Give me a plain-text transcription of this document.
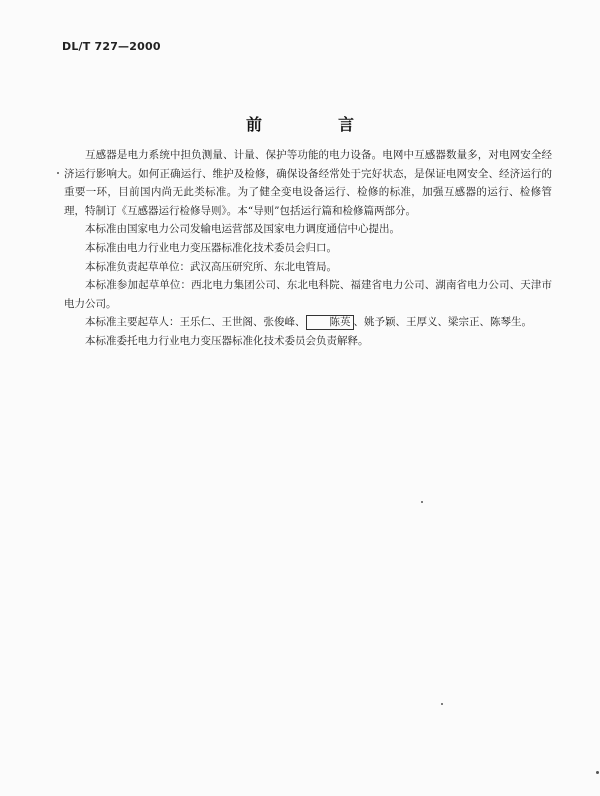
DL/T 727—2000
前　言

互感器是电力系统中担负测量、计量、保护等功能的电力设备。电网中互感器数量多，对电网安全经济运行影响大。如何正确运行、维护及检修，确保设备经常处于完好状态，是保证电网安全、经济运行的重要一环，目前国内尚无此类标准。为了健全变电设备运行、检修的标准，加强互感器的运行、检修管理，特制订《互感器运行检修导则》。本“导则”包括运行篇和检修篇两部分。

本标准由国家电力公司发输电运营部及国家电力调度通信中心提出。

本标准由电力行业电力变压器标准化技术委员会归口。

本标准负责起草单位：武汉高压研究所、东北电管局。

本标准参加起草单位：西北电力集团公司、东北电科院、福建省电力公司、湖南省电力公司、天津市电力公司。

本标准主要起草人：王乐仁、王世阁、张俊峰、 陈英 、姚予颖、王厚义、梁宗正、陈琴生。

本标准委托电力行业电力变压器标准化技术委员会负责解释。
